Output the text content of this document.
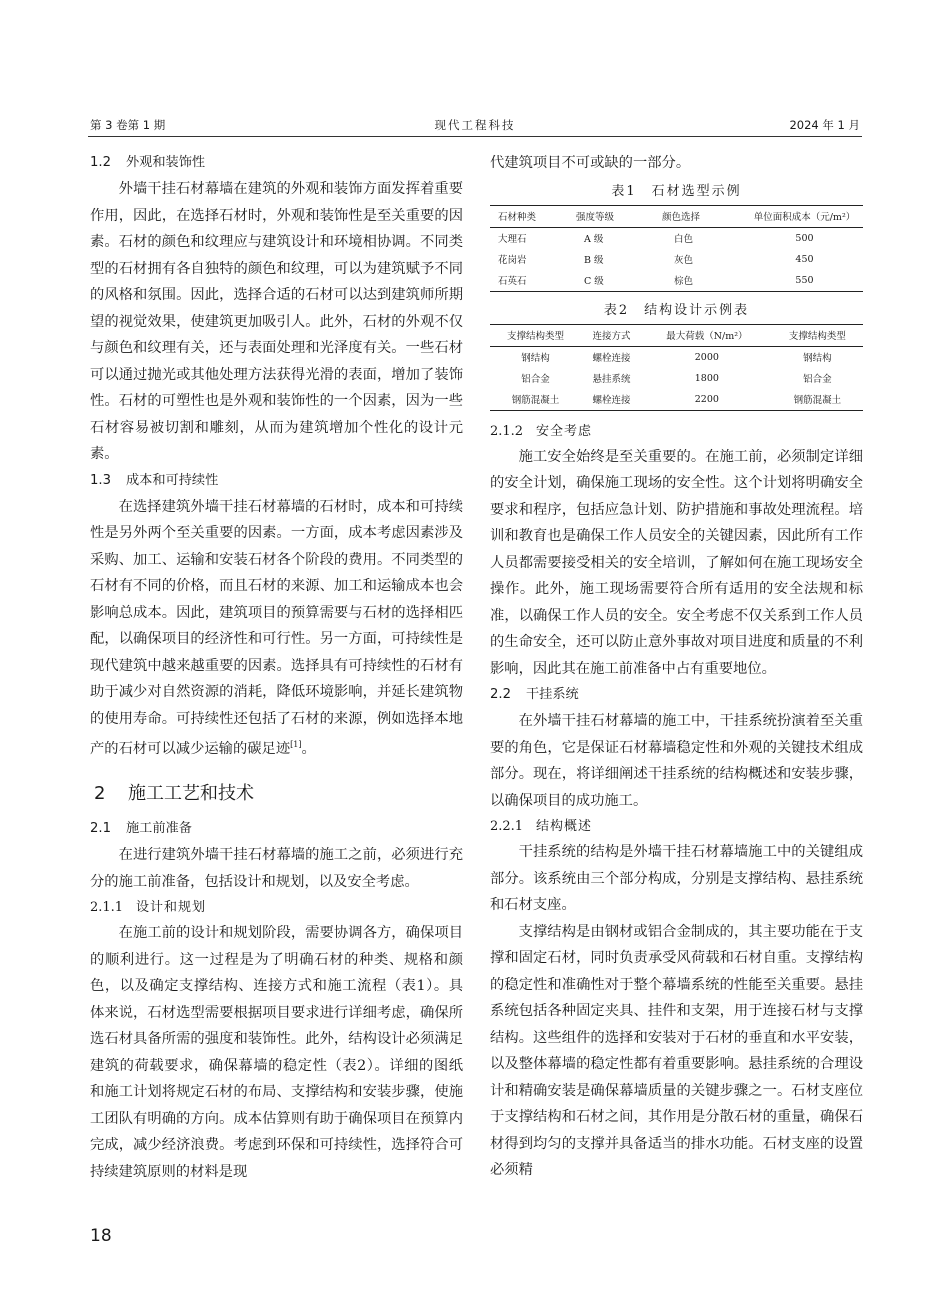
第 3 卷第 1 期	现代工程科技	2024 年 1 月
1.2 外观和装饰性

外墙干挂石材幕墙在建筑的外观和装饰方面发挥着重要作用，因此，在选择石材时，外观和装饰性是至关重要的因素。石材的颜色和纹理应与建筑设计和环境相协调。不同类型的石材拥有各自独特的颜色和纹理，可以为建筑赋予不同的风格和氛围。因此，选择合适的石材可以达到建筑师所期望的视觉效果，使建筑更加吸引人。此外，石材的外观不仅与颜色和纹理有关，还与表面处理和光泽度有关。一些石材可以通过抛光或其他处理方法获得光滑的表面，增加了装饰性。石材的可塑性也是外观和装饰性的一个因素，因为一些石材容易被切割和雕刻，从而为建筑增加个性化的设计元素。

1.3 成本和可持续性

在选择建筑外墙干挂石材幕墙的石材时，成本和可持续性是另外两个至关重要的因素。一方面，成本考虑因素涉及采购、加工、运输和安装石材各个阶段的费用。不同类型的石材有不同的价格，而且石材的来源、加工和运输成本也会影响总成本。因此，建筑项目的预算需要与石材的选择相匹配，以确保项目的经济性和可行性。另一方面，可持续性是现代建筑中越来越重要的因素。选择具有可持续性的石材有助于减少对自然资源的消耗，降低环境影响，并延长建筑物的使用寿命。可持续性还包括了石材的来源，例如选择本地产的石材可以减少运输的碳足迹[1]。

2 施工工艺和技术
2.1 施工前准备

在进行建筑外墙干挂石材幕墙的施工之前，必须进行充分的施工前准备，包括设计和规划，以及安全考虑。

2.1.1 设计和规划

在施工前的设计和规划阶段，需要协调各方，确保项目的顺利进行。这一过程是为了明确石材的种类、规格和颜色，以及确定支撑结构、连接方式和施工流程（表1）。具体来说，石材选型需要根据项目要求进行详细考虑，确保所选石材具备所需的强度和装饰性。此外，结构设计必须满足建筑的荷载要求，确保幕墙的稳定性（表2）。详细的图纸和施工计划将规定石材的布局、支撑结构和安装步骤，使施工团队有明确的方向。成本估算则有助于确保项目在预算内完成，减少经济浪费。考虑到环保和可持续性，选择符合可持续建筑原则的材料是现

代建筑项目不可或缺的一部分。

表1　石材选型示例
石材种类	强度等级	颜色选择	单位面积成本（元/m²）
大理石	A 级	白色	500
花岗岩	B 级	灰色	450
石英石	C 级	棕色	550
表2　结构设计示例表
支撑结构类型	连接方式	最大荷载（N/m²）	支撑结构类型
钢结构	螺栓连接	2000	钢结构
铝合金	悬挂系统	1800	铝合金
钢筋混凝土	螺栓连接	2200	钢筋混凝土
2.1.2 安全考虑

施工安全始终是至关重要的。在施工前，必须制定详细的安全计划，确保施工现场的安全性。这个计划将明确安全要求和程序，包括应急计划、防护措施和事故处理流程。培训和教育也是确保工作人员安全的关键因素，因此所有工作人员都需要接受相关的安全培训，了解如何在施工现场安全操作。此外，施工现场需要符合所有适用的安全法规和标准，以确保工作人员的安全。安全考虑不仅关系到工作人员的生命安全，还可以防止意外事故对项目进度和质量的不利影响，因此其在施工前准备中占有重要地位。

2.2 干挂系统

在外墙干挂石材幕墙的施工中，干挂系统扮演着至关重要的角色，它是保证石材幕墙稳定性和外观的关键技术组成部分。现在，将详细阐述干挂系统的结构概述和安装步骤，以确保项目的成功施工。

2.2.1 结构概述

干挂系统的结构是外墙干挂石材幕墙施工中的关键组成部分。该系统由三个部分构成，分别是支撑结构、悬挂系统和石材支座。

支撑结构是由钢材或铝合金制成的，其主要功能在于支撑和固定石材，同时负责承受风荷载和石材自重。支撑结构的稳定性和准确性对于整个幕墙系统的性能至关重要。悬挂系统包括各种固定夹具、挂件和支架，用于连接石材与支撑结构。这些组件的选择和安装对于石材的垂直和水平安装，以及整体幕墙的稳定性都有着重要影响。悬挂系统的合理设计和精确安装是确保幕墙质量的关键步骤之一。石材支座位于支撑结构和石材之间，其作用是分散石材的重量，确保石材得到均匀的支撑并具备适当的排水功能。石材支座的设置必须精

18
